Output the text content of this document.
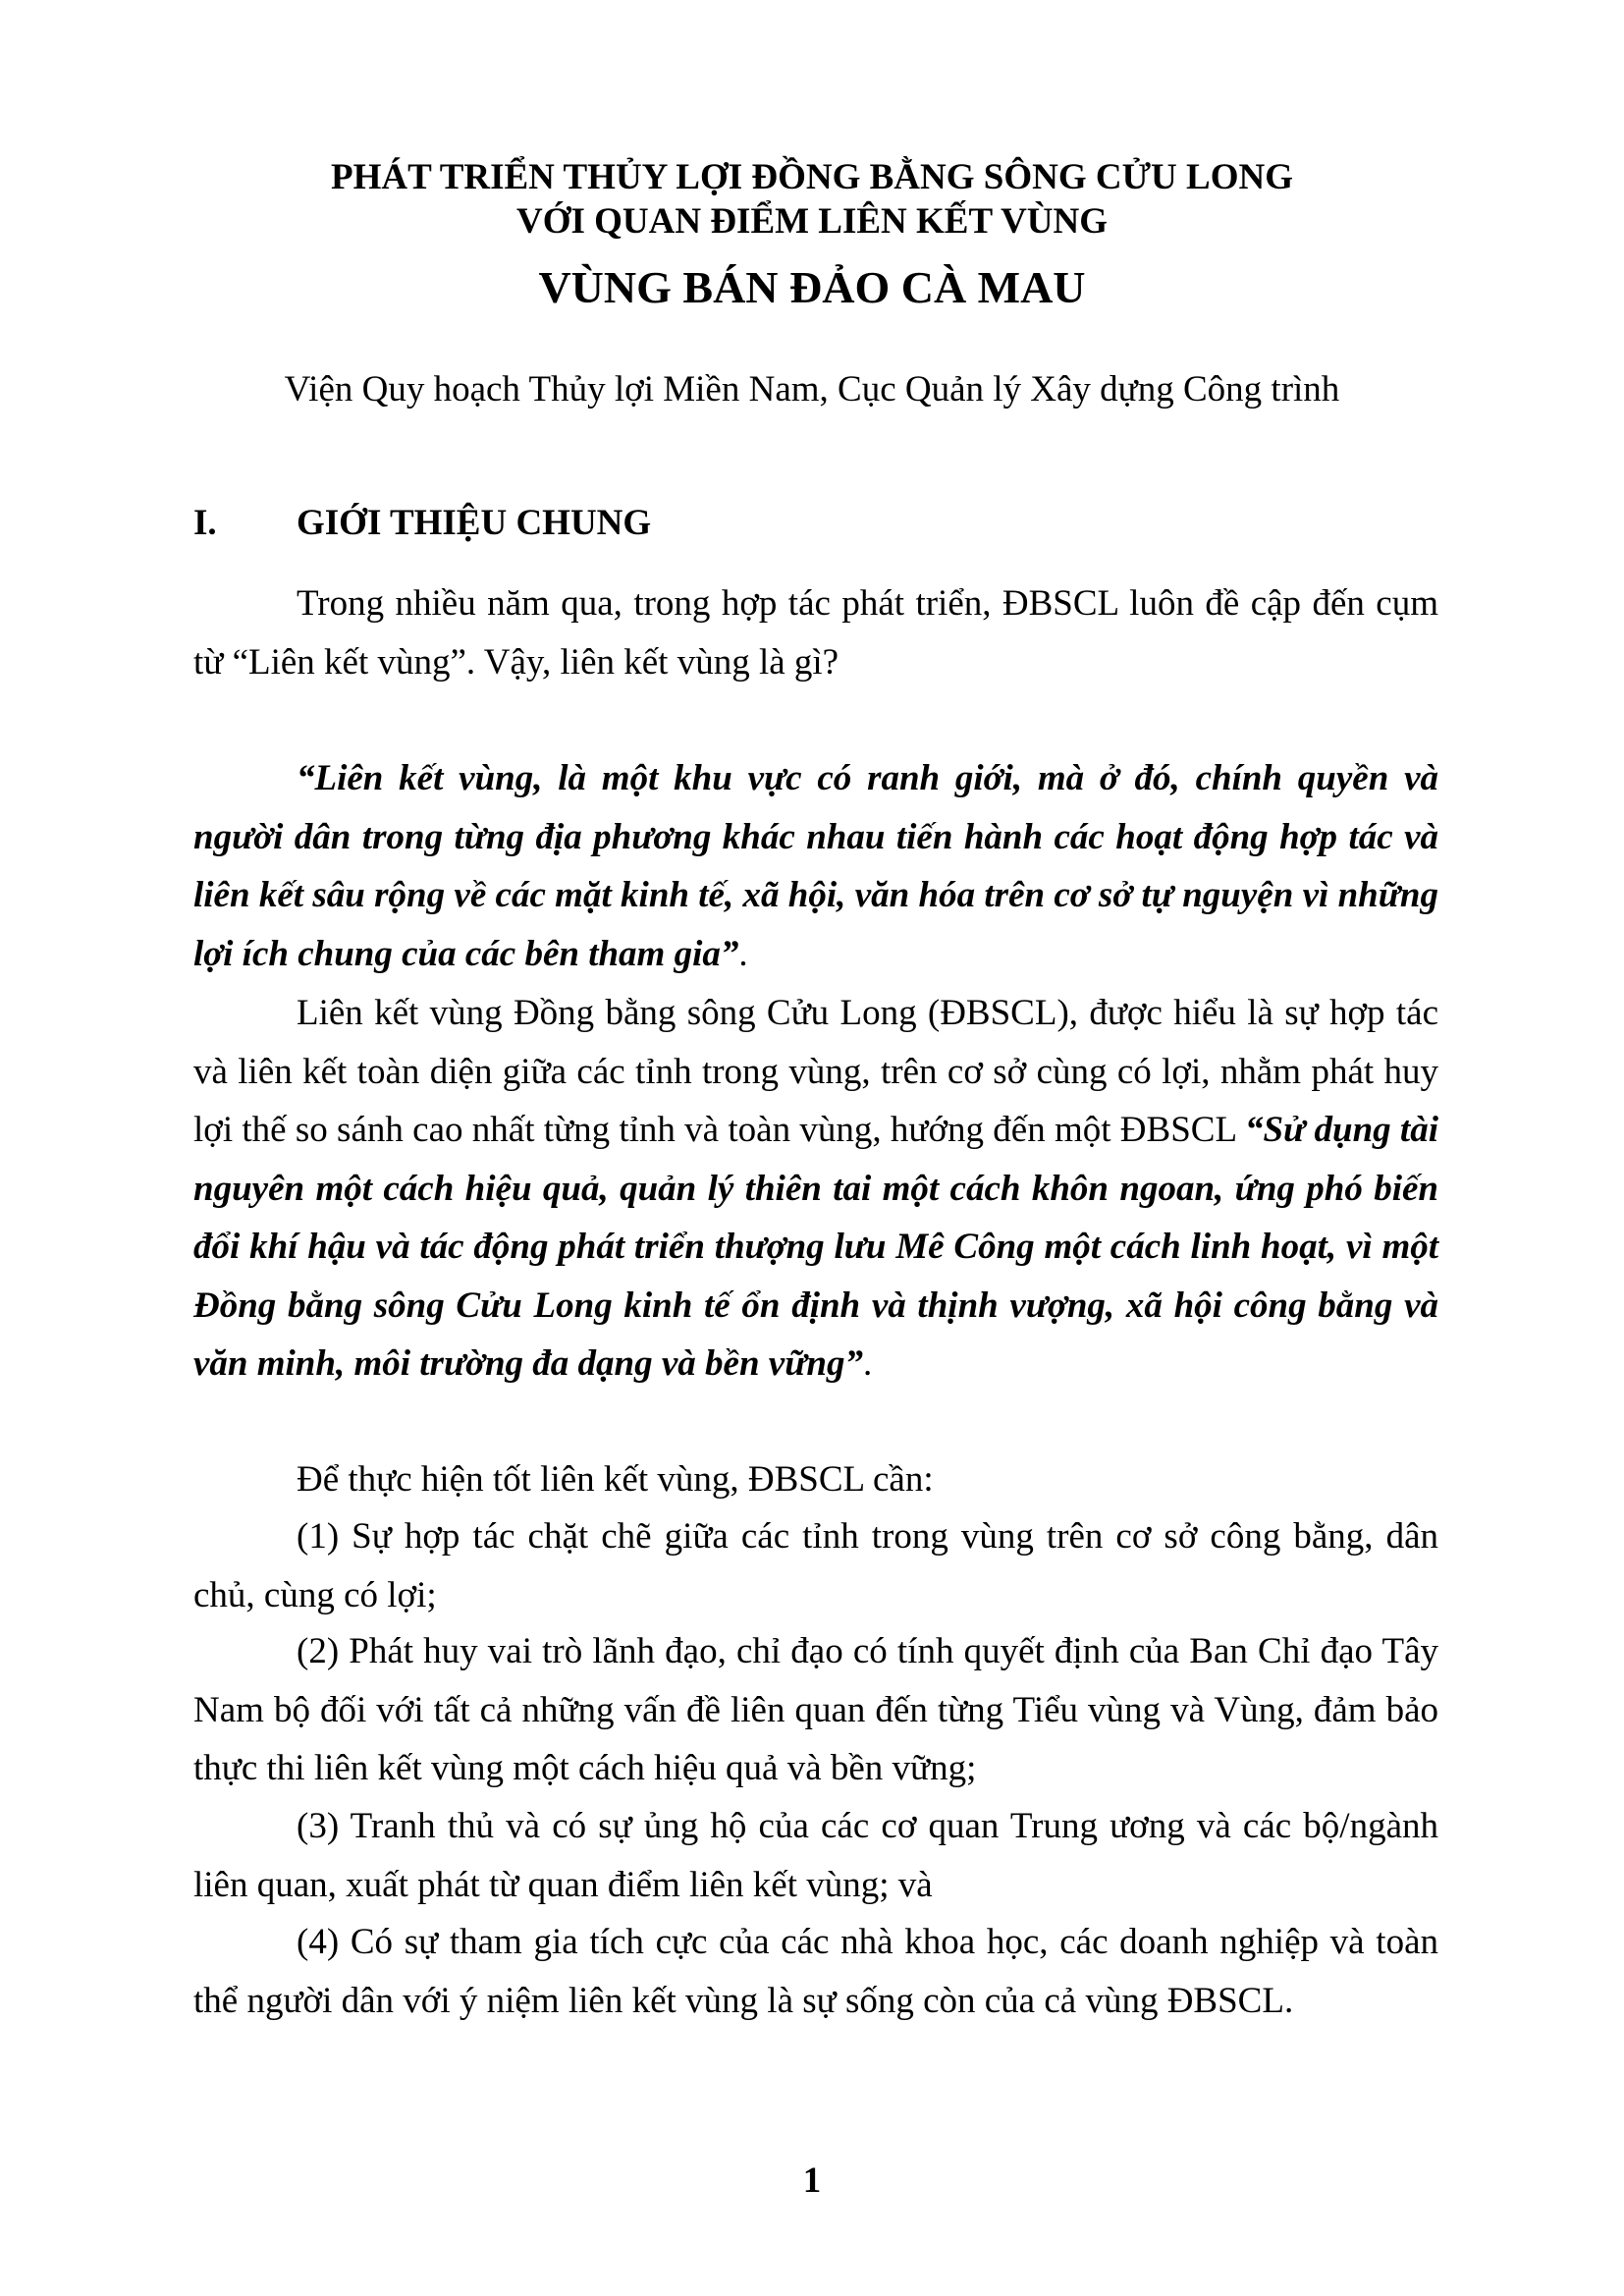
PHÁT TRIỂN THỦY LỢI ĐỒNG BẰNG SÔNG CỬU LONG
VỚI QUAN ĐIỂM LIÊN KẾT VÙNG
VÙNG BÁN ĐẢO CÀ MAU
Viện Quy hoạch Thủy lợi Miền Nam, Cục Quản lý Xây dựng Công trình
I. GIỚI THIỆU CHUNG

Trong nhiều năm qua, trong hợp tác phát triển, ĐBSCL luôn đề cập đến cụm từ “Liên kết vùng”. Vậy, liên kết vùng là gì?

“Liên kết vùng, là một khu vực có ranh giới, mà ở đó, chính quyền và người dân trong từng địa phương khác nhau tiến hành các hoạt động hợp tác và liên kết sâu rộng về các mặt kinh tế, xã hội, văn hóa trên cơ sở tự nguyện vì những lợi ích chung của các bên tham gia”.

Liên kết vùng Đồng bằng sông Cửu Long (ĐBSCL), được hiểu là sự hợp tác và liên kết toàn diện giữa các tỉnh trong vùng, trên cơ sở cùng có lợi, nhằm phát huy lợi thế so sánh cao nhất từng tỉnh và toàn vùng, hướng đến một ĐBSCL “Sử dụng tài nguyên một cách hiệu quả, quản lý thiên tai một cách khôn ngoan, ứng phó biến đổi khí hậu và tác động phát triển thượng lưu Mê Công một cách linh hoạt, vì một Đồng bằng sông Cửu Long kinh tế ổn định và thịnh vượng, xã hội công bằng và văn minh, môi trường đa dạng và bền vững”.

Để thực hiện tốt liên kết vùng, ĐBSCL cần:

(1) Sự hợp tác chặt chẽ giữa các tỉnh trong vùng trên cơ sở công bằng, dân chủ, cùng có lợi;

(2) Phát huy vai trò lãnh đạo, chỉ đạo có tính quyết định của Ban Chỉ đạo Tây Nam bộ đối với tất cả những vấn đề liên quan đến từng Tiểu vùng và Vùng, đảm bảo thực thi liên kết vùng một cách hiệu quả và bền vững;

(3) Tranh thủ và có sự ủng hộ của các cơ quan Trung ương và các bộ/ngành liên quan, xuất phát từ quan điểm liên kết vùng; và

(4) Có sự tham gia tích cực của các nhà khoa học, các doanh nghiệp và toàn thể người dân với ý niệm liên kết vùng là sự sống còn của cả vùng ĐBSCL.

1
